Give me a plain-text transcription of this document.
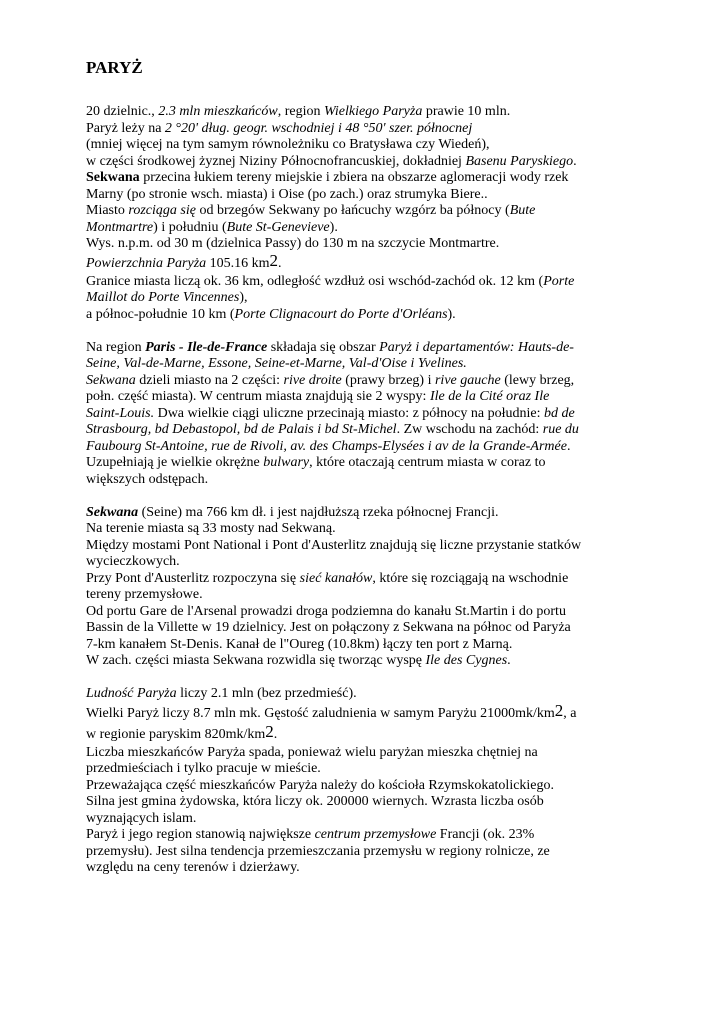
PARYŻ

20 dzielnic., 2.3 mln mieszkańców, region Wielkiego Paryża prawie 10 mln.
Paryż leży na 2 °20' dług. geogr. wschodniej i 48 °50' szer. północnej
(mniej więcej na tym samym równoleżniku co Bratysława czy Wiedeń),
w części środkowej żyznej Niziny Północnofrancuskiej, dokładniej Basenu Paryskiego.
Sekwana przecina łukiem tereny miejskie i zbiera na obszarze aglomeracji wody rzek
Marny (po stronie wsch. miasta) i Oise (po zach.) oraz strumyka Biere..
Miasto rozciąga się od brzegów Sekwany po łańcuchy wzgórz ba północy (Bute
Montmartre) i południu (Bute St-Genevieve).
Wys. n.p.m. od 30 m (dzielnica Passy) do 130 m na szczycie Montmartre.
Powierzchnia Paryża 105.16 $km^2$.
Granice miasta liczą ok. 36 km, odległość wzdłuż osi wschód-zachód ok. 12 km (Porte
Maillot do Porte Vincennes),
a północ-południe 10 km (Porte Clignacourt do Porte d'Orléans).

Na region Paris - Ile-de-France składaja się obszar Paryż i departamentów: Hauts-de-
Seine, Val-de-Marne, Essone, Seine-et-Marne, Val-d'Oise i Yvelines.
Sekwana dzieli miasto na 2 części: rive droite (prawy brzeg) i rive gauche (lewy brzeg,
połn. część miasta). W centrum miasta znajdują sie 2 wyspy: Ile de la Cité oraz Ile
Saint-Louis. Dwa wielkie ciągi uliczne przecinają miasto: z północy na południe: bd de
Strasbourg, bd Debastopol, bd de Palais i bd St-Michel. Zw wschodu na zachód: rue du
Faubourg St-Antoine, rue de Rivoli, av. des Champs-Elysées i av de la Grande-Armée.
Uzupełniają je wielkie okrężne bulwary, które otaczają centrum miasta w coraz to
większych odstępach.

Sekwana (Seine) ma 766 km dł. i jest najdłuższą rzeka północnej Francji.
Na terenie miasta są 33 mosty nad Sekwaną.
Między mostami Pont National i Pont d'Austerlitz znajdują się liczne przystanie statków
wycieczkowych.
Przy Pont d'Austerlitz rozpoczyna się sieć kanałów, które się rozciągają na wschodnie
tereny przemysłowe.
Od portu Gare de l'Arsenal prowadzi droga podziemna do kanału St.Martin i do portu
Bassin de la Villette w 19 dzielnicy. Jest on połączony z Sekwana na północ od Paryża
7-km kanałem St-Denis. Kanał de l"Oureg (10.8km) łączy ten port z Marną.
W zach. części miasta Sekwana rozwidla się tworząc wyspę Ile des Cygnes.

Ludność Paryża liczy 2.1 mln (bez przedmieść).
Wielki Paryż liczy 8.7 mln mk. Gęstość zaludnienia w samym Paryżu $21000mk/km^2$, a
w regionie paryskim $820mk/km^2$.
Liczba mieszkańców Paryża spada, ponieważ wielu paryżan mieszka chętniej na
przedmieściach i tylko pracuje w mieście.
Przeważająca część mieszkańców Paryża należy do kościoła Rzymskokatolickiego.
Silna jest gmina żydowska, która liczy ok. 200000 wiernych. Wzrasta liczba osób
wyznających islam.
Paryż i jego region stanowią największe centrum przemysłowe Francji (ok. 23%
przemysłu). Jest silna tendencja przemieszczania przemysłu w regiony rolnicze, ze
względu na ceny terenów i dzierżawy.
